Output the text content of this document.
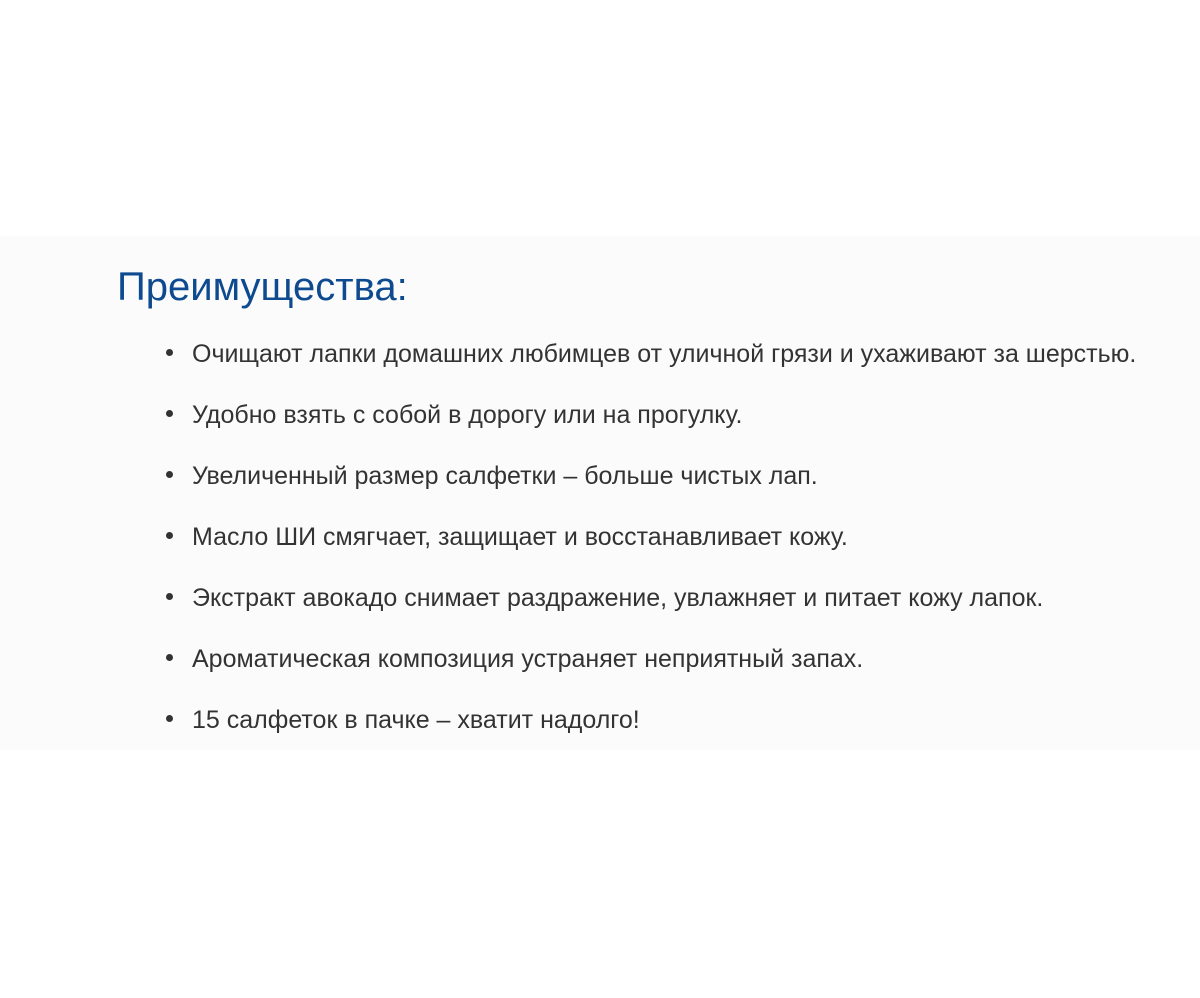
Преимущества:
Очищают лапки домашних любимцев от уличной грязи и ухаживают за шерстью.
Удобно взять с собой в дорогу или на прогулку.
Увеличенный размер салфетки – больше чистых лап.
Масло ШИ смягчает, защищает и восстанавливает кожу.
Экстракт авокадо снимает раздражение, увлажняет и питает кожу лапок.
Ароматическая композиция устраняет неприятный запах.
15 салфеток в пачке – хватит надолго!
